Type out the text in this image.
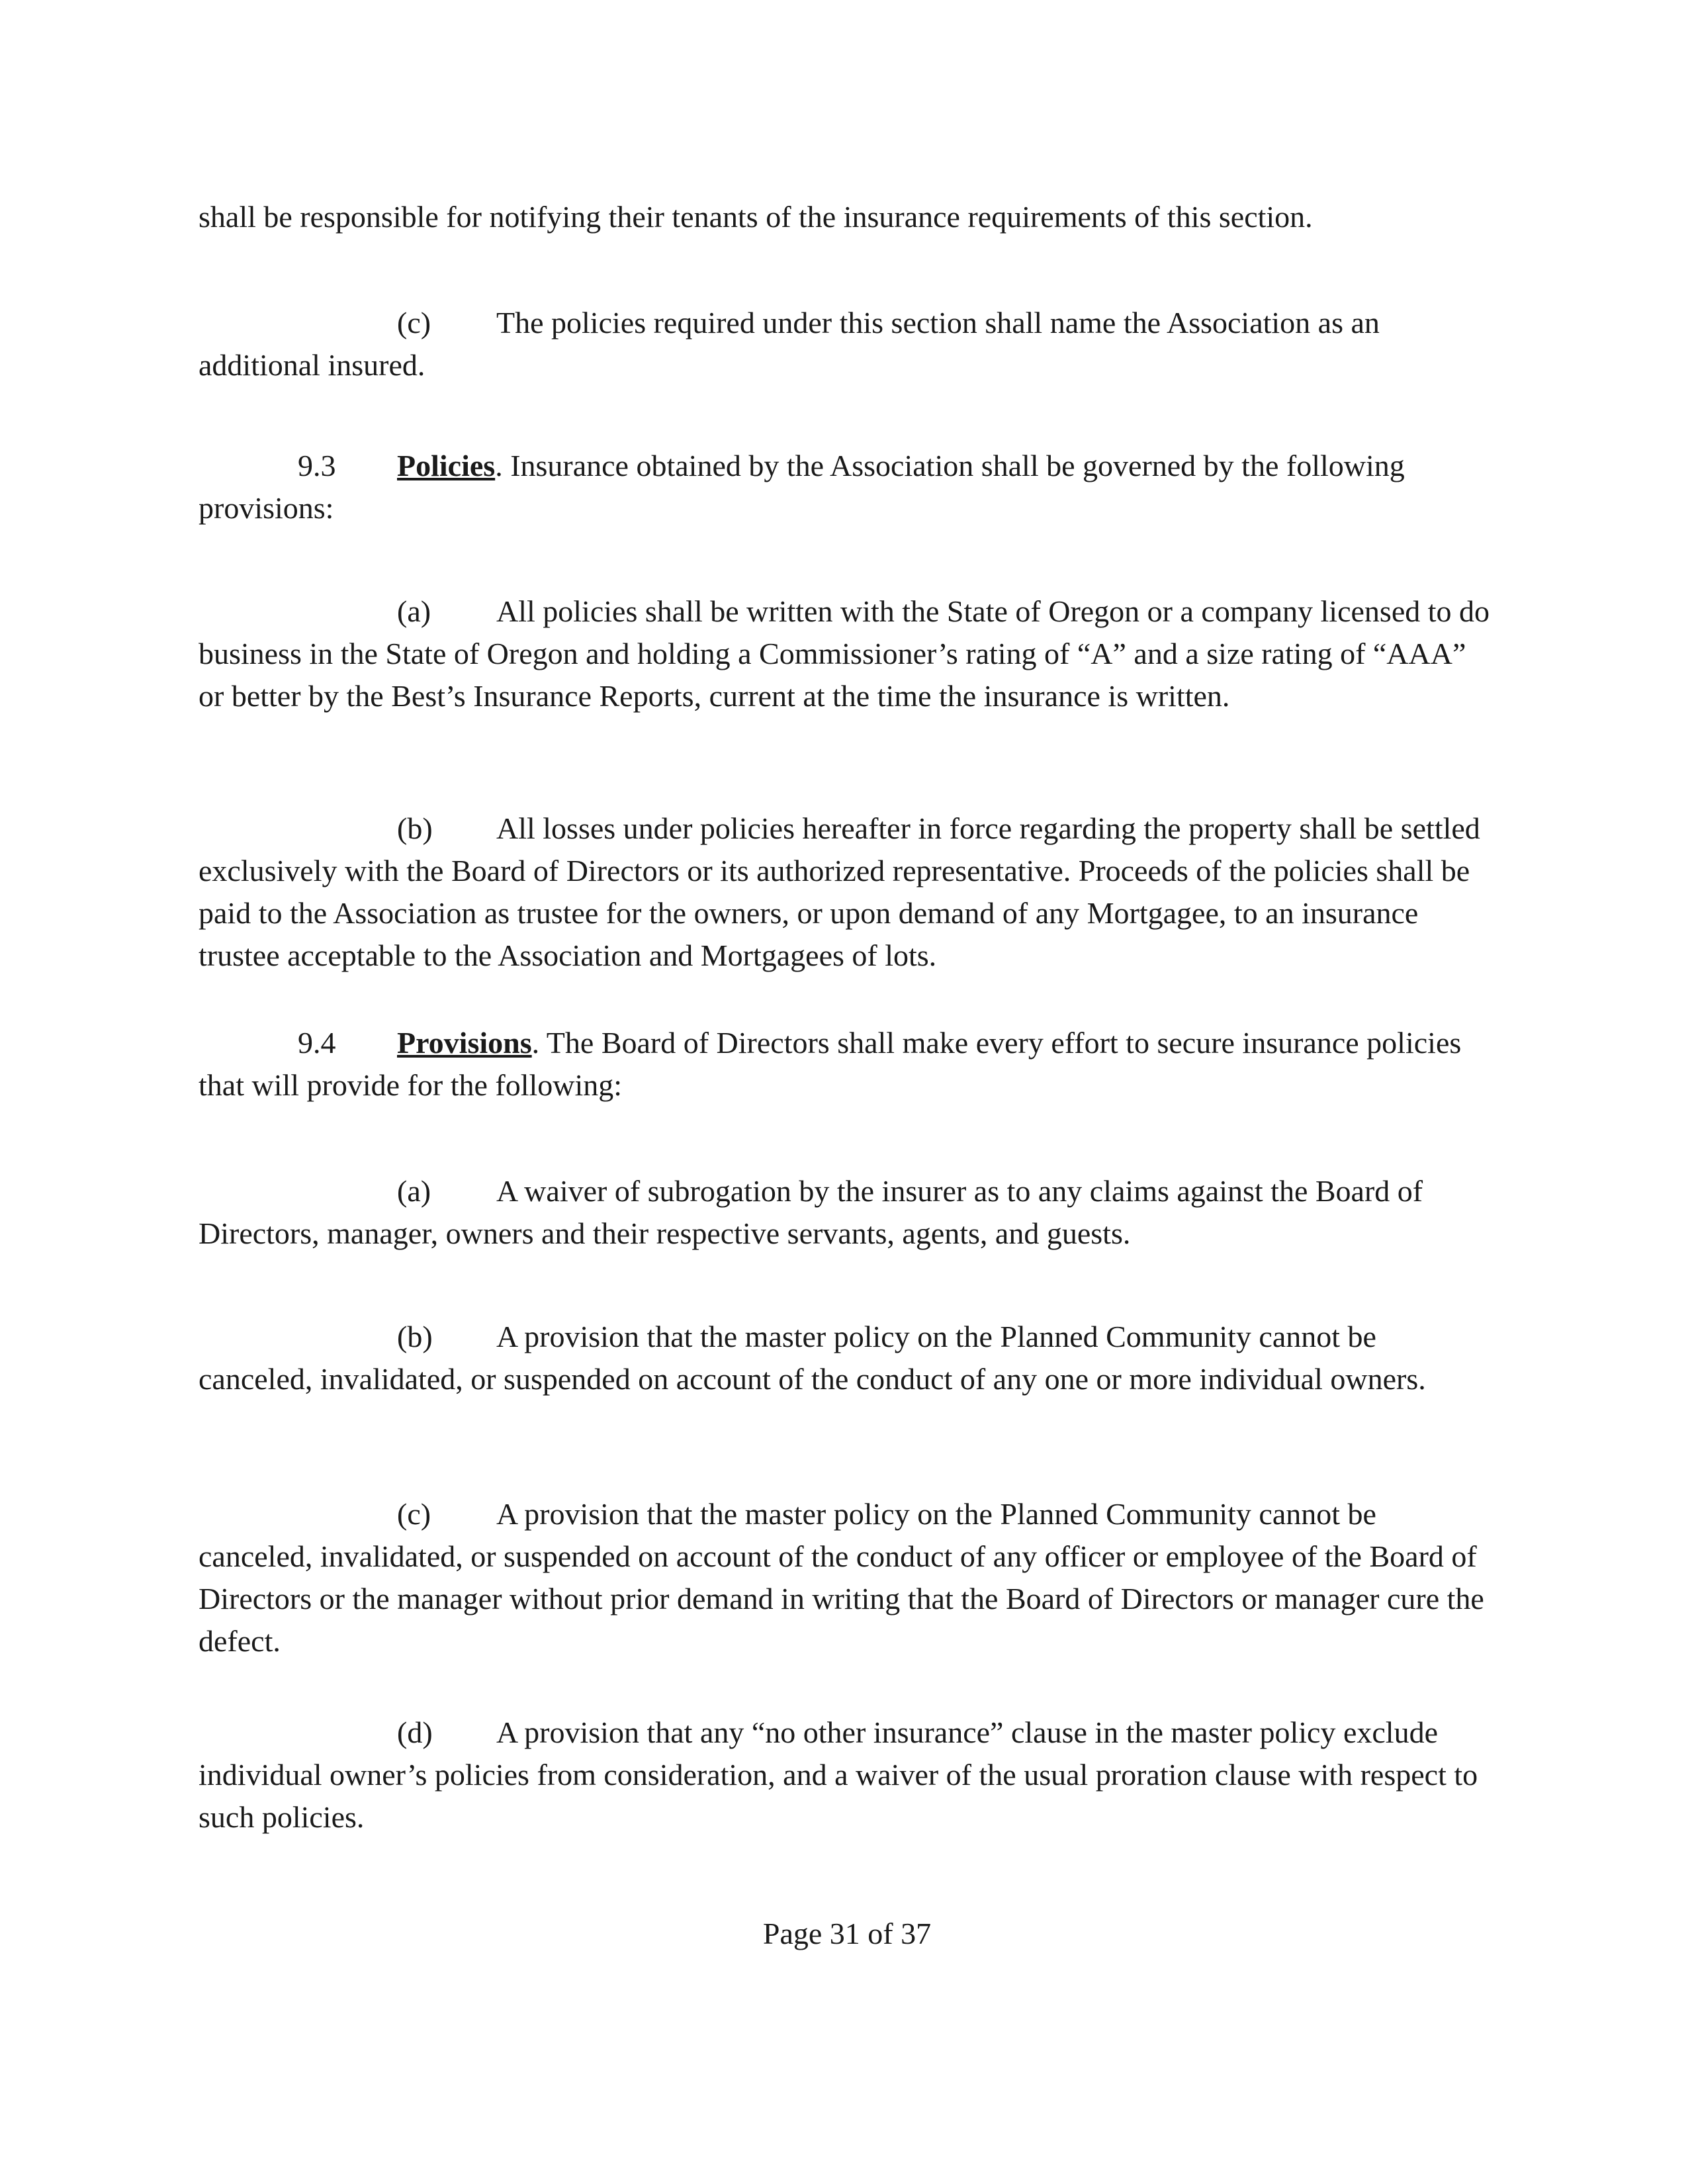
shall be responsible for notifying their tenants of the insurance requirements of this section.

(c) The policies required under this section shall name the Association as an additional insured.

9.3 Policies. Insurance obtained by the Association shall be governed by the following provisions:

(a) All policies shall be written with the State of Oregon or a company licensed to do business in the State of Oregon and holding a Commissioner’s rating of “A” and a size rating of “AAA” or better by the Best’s Insurance Reports, current at the time the insurance is written.

(b) All losses under policies hereafter in force regarding the property shall be settled exclusively with the Board of Directors or its authorized representative. Proceeds of the policies shall be paid to the Association as trustee for the owners, or upon demand of any Mortgagee, to an insurance trustee acceptable to the Association and Mortgagees of lots.

9.4 Provisions. The Board of Directors shall make every effort to secure insurance policies that will provide for the following:

(a) A waiver of subrogation by the insurer as to any claims against the Board of Directors, manager, owners and their respective servants, agents, and guests.

(b) A provision that the master policy on the Planned Community cannot be canceled, invalidated, or suspended on account of the conduct of any one or more individual owners.

(c) A provision that the master policy on the Planned Community cannot be canceled, invalidated, or suspended on account of the conduct of any officer or employee of the Board of Directors or the manager without prior demand in writing that the Board of Directors or manager cure the defect.

(d) A provision that any “no other insurance” clause in the master policy exclude individual owner’s policies from consideration, and a waiver of the usual proration clause with respect to such policies.

Page 31 of 37
